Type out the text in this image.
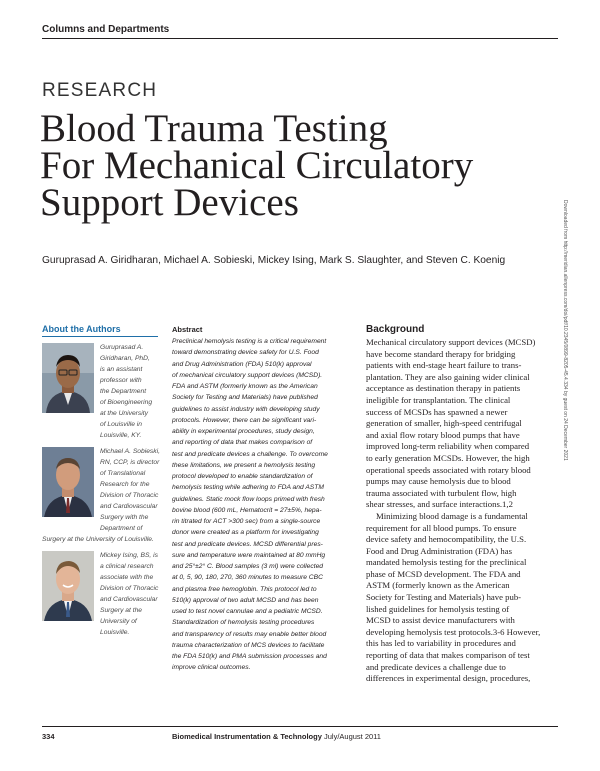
Columns and Departments
RESEARCH
Blood Trauma Testing
For Mechanical Circulatory
Support Devices
Guruprasad A. Giridharan, Michael A. Sobieski, Mickey Ising, Mark S. Slaughter, and Steven C. Koenig	Downloaded from http://meridian.allenpress.com/doi/pdf/10.2345/0899-8205-45.4.334 by guest on 24 December 2021
About the Authors
Guruprasad A.
Giridharan, PhD,
is an assistant
professor with
the Department
of Bioengineering
at the University
of Louisville in
Louisville, KY.
Michael A. Sobieski,
RN, CCP, is director
of Translational
Research for the
Division of Thoracic
and Cardiovascular
Surgery with the
Department of
Surgery at the University of Louisville.
Mickey Ising, BS, is
a clinical research
associate with the
Division of Thoracic
and Cardiovascular
Surgery at the
University of
Louisville.
Abstract
Preclinical hemolysis testing is a critical requirement
toward demonstrating device safety for U.S. Food
and Drug Administration (FDA) 510(k) approval
of mechanical circulatory support devices (MCSD).
FDA and ASTM (formerly known as the American
Society for Testing and Materials) have published
guidelines to assist industry with developing study
protocols. However, there can be significant vari-
ability in experimental procedures, study design,
and reporting of data that makes comparison of
test and predicate devices a challenge. To overcome
these limitations, we present a hemolysis testing
protocol developed to enable standardization of
hemolysis testing while adhering to FDA and ASTM
guidelines. Static mock flow loops primed with fresh
bovine blood (600 mL, Hematocrit = 27±5%, hepa-
rin titrated for ACT >300 sec) from a single-source
donor were created as a platform for investigating
test and predicate devices. MCSD differential pres-
sure and temperature were maintained at 80 mmHg
and 25°±2° C. Blood samples (3 ml) were collected
at 0, 5, 90, 180, 270, 360 minutes to measure CBC
and plasma free hemoglobin. This protocol led to
510(k) approval of two adult MCSD and has been
used to test novel cannulae and a pediatric MCSD.
Standardization of hemolysis testing procedures
and transparency of results may enable better blood
trauma characterization of MCS devices to facilitate
the FDA 510(k) and PMA submission processes and
improve clinical outcomes.
Background
Mechanical circulatory support devices (MCSD)
have become standard therapy for bridging
patients with end-stage heart failure to trans-
plantation. They are also gaining wider clinical
acceptance as destination therapy in patients
ineligible for transplantation. The clinical
success of MCSDs has spawned a newer
generation of smaller, high-speed centrifugal
and axial flow rotary blood pumps that have
improved long-term reliability when compared
to early generation MCSDs. However, the high
operational speeds associated with rotary blood
pumps may cause hemolysis due to blood
trauma associated with turbulent flow, high
shear stresses, and surface interactions.1,2
Minimizing blood damage is a fundamental
requirement for all blood pumps. To ensure
device safety and hemocompatibility, the U.S.
Food and Drug Administration (FDA) has
mandated hemolysis testing for the preclinical
phase of MCSD development. The FDA and
ASTM (formerly known as the American
Society for Testing and Materials) have pub-
lished guidelines for hemolysis testing of
MCSD to assist device manufacturers with
developing hemolysis test protocols.3-6 However,
this has led to variability in procedures and
reporting of data that makes comparison of test
and predicate devices a challenge due to
differences in experimental design, procedures,
334	Biomedical Instrumentation & Technology July/August 2011
